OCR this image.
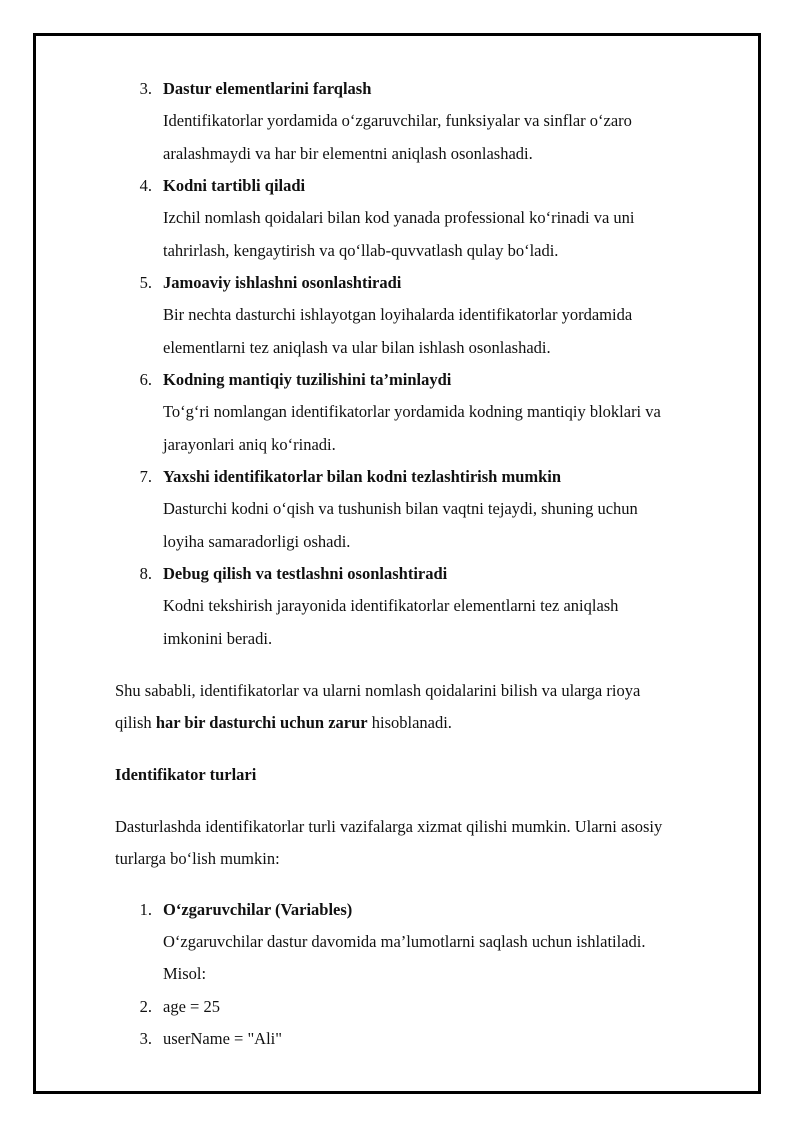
3. Dastur elementlarini farqlash
Identifikatorlar yordamida o‘zgaruvchilar, funksiyalar va sinflar o‘zaro
aralashmaydi va har bir elementni aniqlash osonlashadi.
4. Kodni tartibli qiladi
Izchil nomlash qoidalari bilan kod yanada professional ko‘rinadi va uni
tahrirlash, kengaytirish va qo‘llab-quvvatlash qulay bo‘ladi.
5. Jamoaviy ishlashni osonlashtiradi
Bir nechta dasturchi ishlayotgan loyihalarda identifikatorlar yordamida
elementlarni tez aniqlash va ular bilan ishlash osonlashadi.
6. Kodning mantiqiy tuzilishini ta’minlaydi
To‘g‘ri nomlangan identifikatorlar yordamida kodning mantiqiy bloklari va
jarayonlari aniq ko‘rinadi.
7. Yaxshi identifikatorlar bilan kodni tezlashtirish mumkin
Dasturchi kodni o‘qish va tushunish bilan vaqtni tejaydi, shuning uchun
loyiha samaradorligi oshadi.
8. Debug qilish va testlashni osonlashtiradi
Kodni tekshirish jarayonida identifikatorlar elementlarni tez aniqlash
imkonini beradi.
Shu sababli, identifikatorlar va ularni nomlash qoidalarini bilish va ularga rioya
qilish har bir dasturchi uchun zarur hisoblanadi.
Identifikator turlari
Dasturlashda identifikatorlar turli vazifalarga xizmat qilishi mumkin. Ularni asosiy
turlarga bo‘lish mumkin:
1. O‘zgaruvchilar (Variables)
O‘zgaruvchilar dastur davomida ma’lumotlarni saqlash uchun ishlatiladi.
Misol:
2. age = 25
3. userName = "Ali"
